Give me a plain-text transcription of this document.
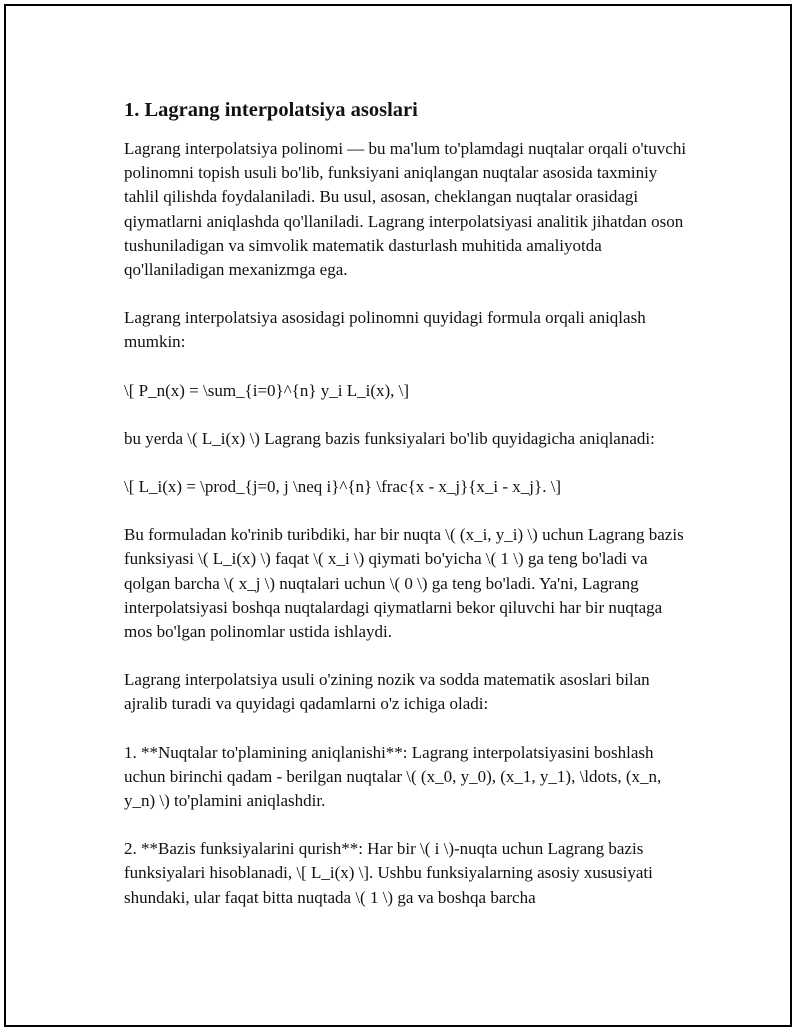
1. Lagrang interpolatsiya asoslari

Lagrang interpolatsiya polinomi — bu ma'lum to'plamdagi nuqtalar orqali o'tuvchi polinomni topish usuli bo'lib, funksiyani aniqlangan nuqtalar asosida taxminiy tahlil qilishda foydalaniladi. Bu usul, asosan, cheklangan nuqtalar orasidagi qiymatlarni aniqlashda qo'llaniladi. Lagrang interpolatsiyasi analitik jihatdan oson tushuniladigan va simvolik matematik dasturlash muhitida amaliyotda qo'llaniladigan mexanizmga ega.

Lagrang interpolatsiya asosidagi polinomni quyidagi formula orqali aniqlash mumkin:

\[ P_n(x) = \sum_{i=0}^{n} y_i L_i(x), \]

bu yerda \( L_i(x) \) Lagrang bazis funksiyalari bo'lib quyidagicha aniqlanadi:

\[ L_i(x) = \prod_{j=0, j \neq i}^{n} \frac{x - x_j}{x_i - x_j}. \]

Bu formuladan ko'rinib turibdiki, har bir nuqta \( (x_i, y_i) \) uchun Lagrang bazis funksiyasi \( L_i(x) \) faqat \( x_i \) qiymati bo'yicha \( 1 \) ga teng bo'ladi va qolgan barcha \( x_j \) nuqtalari uchun \( 0 \) ga teng bo'ladi. Ya'ni, Lagrang interpolatsiyasi boshqa nuqtalardagi qiymatlarni bekor qiluvchi har bir nuqtaga mos bo'lgan polinomlar ustida ishlaydi.

Lagrang interpolatsiya usuli o'zining nozik va sodda matematik asoslari bilan ajralib turadi va quyidagi qadamlarni o'z ichiga oladi:

1. **Nuqtalar to'plamining aniqlanishi**: Lagrang interpolatsiyasini boshlash uchun birinchi qadam - berilgan nuqtalar \( (x_0, y_0), (x_1, y_1), \ldots, (x_n, y_n) \) to'plamini aniqlashdir.

2. **Bazis funksiyalarini qurish**: Har bir \( i \)-nuqta uchun Lagrang bazis funksiyalari hisoblanadi, \[ L_i(x) \]. Ushbu funksiyalarning asosiy xususiyati shundaki, ular faqat bitta nuqtada \( 1 \) ga va boshqa barcha
